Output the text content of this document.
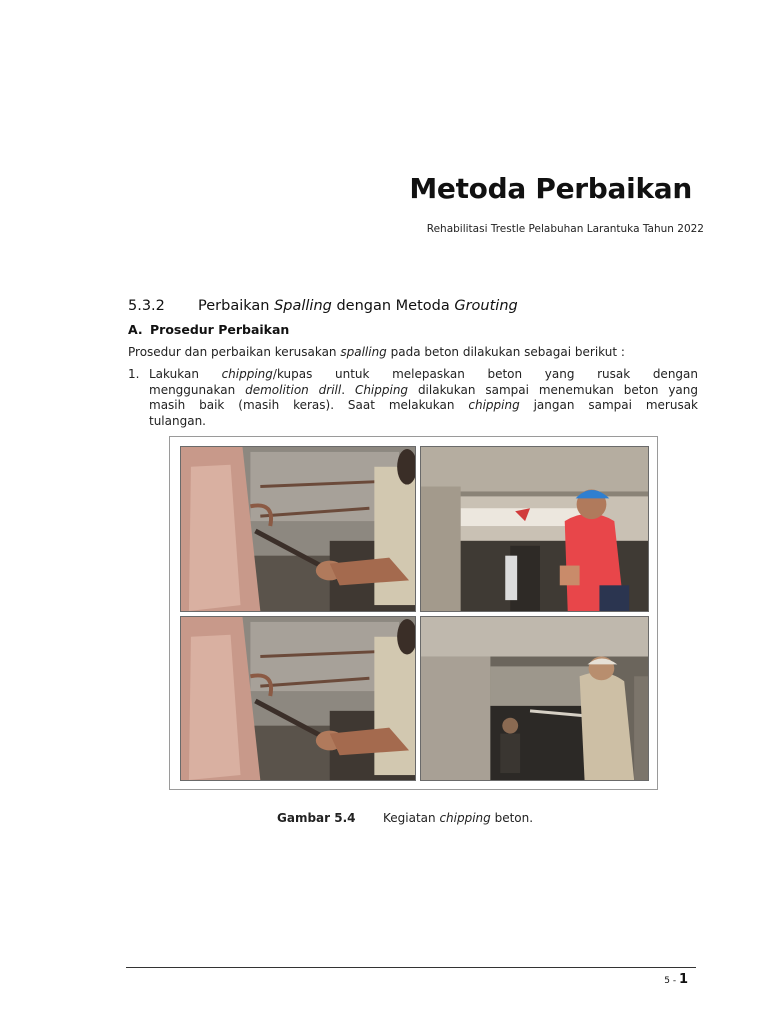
Metoda Perbaikan
Rehabilitasi Trestle Pelabuhan Larantuka Tahun 2022
5.3.2 Perbaikan Spalling dengan Metoda Grouting
A. Prosedur Perbaikan
Prosedur dan perbaikan kerusakan spalling pada beton dilakukan sebagai berikut :
1. Lakukan chipping/kupas untuk melepaskan beton yang rusak dengan
menggunakan demolition drill. Chipping dilakukan sampai menemukan beton yang
masih baik (masih keras). Saat melakukan chipping jangan sampai merusak
tulangan.
Gambar 5.4 Kegiatan chipping beton.
5 - 1
